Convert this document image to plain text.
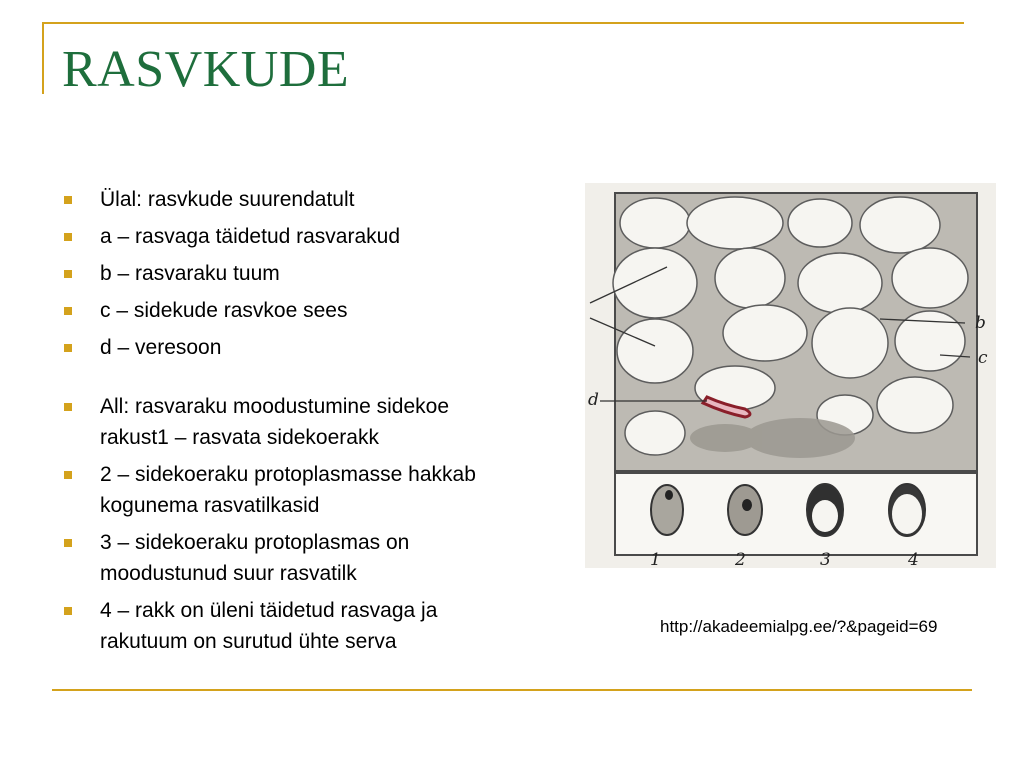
RASVKUDE
Ülal: rasvkude suurendatult
a – rasvaga täidetud rasvarakud
b – rasvaraku tuum
c – sidekude rasvkoe sees
d – veresoon
All: rasvaraku moodustumine sidekoe rakust1 – rasvata sidekoerakk
2 – sidekoeraku protoplasmasse hakkab kogunema rasvatilkasid
3 – sidekoeraku protoplasmas on moodustunud suur rasvatilk
4 – rakk on üleni täidetud rasvaga ja rakutuum on surutud ühte serva
b
c
d
1	2	3	4
http://akadeemialpg.ee/?&pageid=69
